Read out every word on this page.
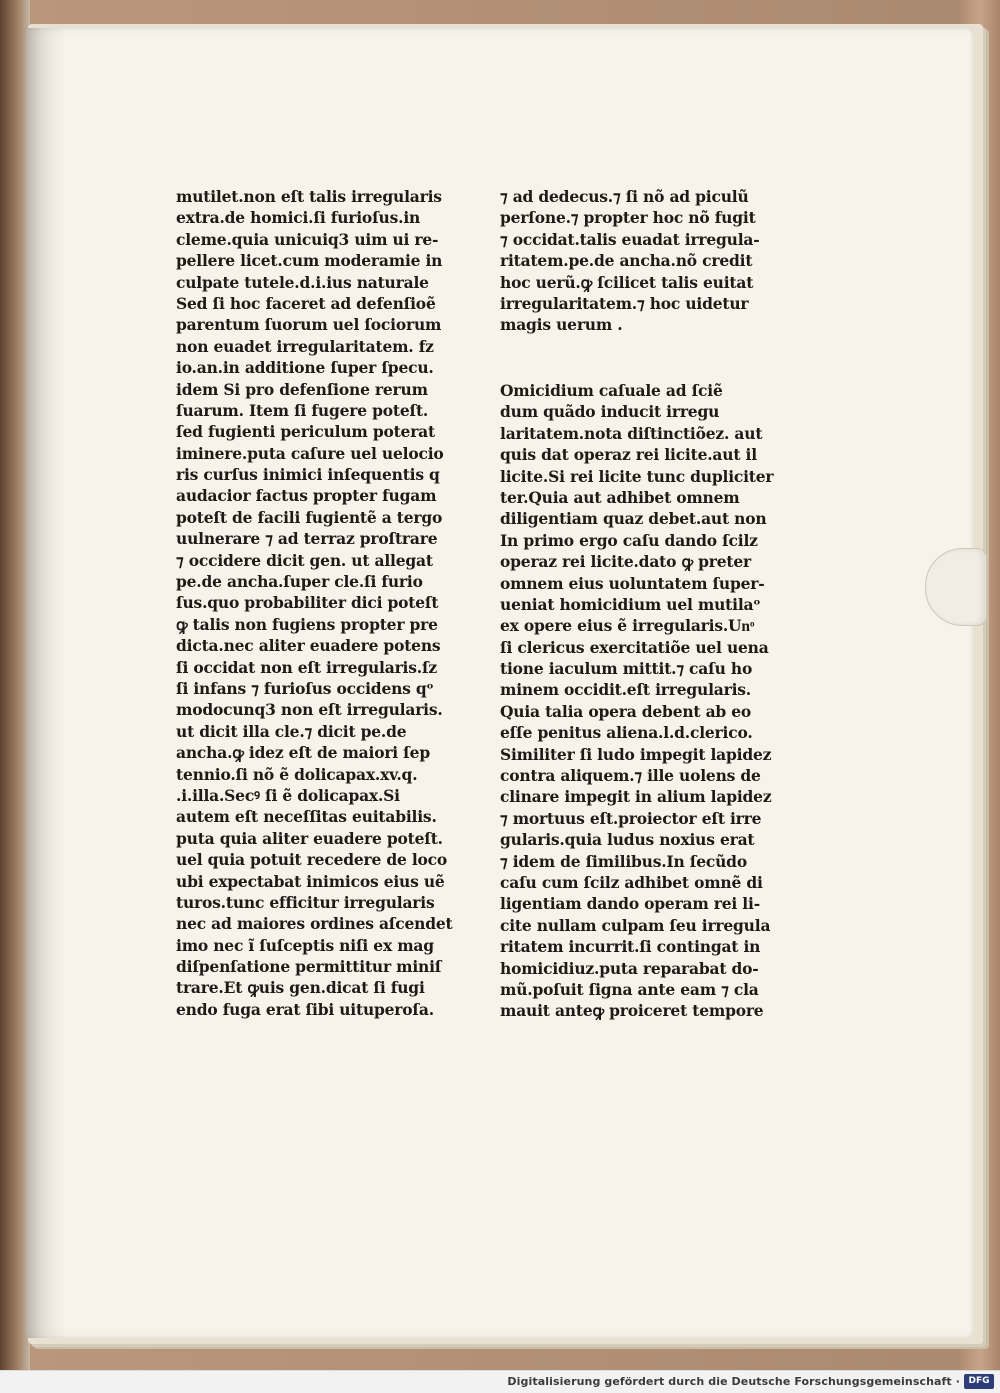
mutilet.non eſt talis irregularis
extra.de homici.ſi furioſus.in
cleme.quia unicuiq3 uim ui re-
pellere licet.cum moderamie in
culpate tutele.d.i.ius naturale
Sed ſi hoc faceret ad defenſioẽ
parentum ſuorum uel ſociorum
non euadet irregularitatem. fz
io.an.in additione ſuper ſpecu.
idem Si pro defenſione rerum
ſuarum. Item ſi fugere poteſt.
ſed fugienti periculum poterat
iminere.puta caſure uel uelocio
ris curſus inimici inſequentis q
audacior factus propter fugam
poteſt de facili fugientẽ a tergo
uulnerare ⁊ ad terraz proſtrare
⁊ occidere dicit gen. ut allegat
pe.de ancha.ſuper cle.ſi furio
ſus.quo probabiliter dici poteſt
ꝙ talis non fugiens propter pre
dicta.nec aliter euadere potens
ſi occidat non eſt irregularis.ſz
ſi infans ⁊ furioſus occidens qᵒ
modocunq3 non eſt irregularis.
ut dicit illa cle.⁊ dicit pe.de
ancha.ꝙ idez eſt de maiori ſep
tennio.ſi nõ ẽ dolicapax.xv.q.
.i.illa.Secꝰ ſi ẽ dolicapax.Si
autem eſt neceſſitas euitabilis.
puta quia aliter euadere poteſt.
uel quia potuit recedere de loco
ubi expectabat inimicos eius uẽ
turos.tunc efficitur irregularis
nec ad maiores ordines aſcendet
imo nec ĩ ſuſceptis niſi ex mag
diſpenſatione permittitur miniſ
trare.Et ꝙuis gen.dicat ſi fugi
endo fuga erat ſibi uituperoſa.
⁊ ad dedecus.⁊ ſi nõ ad piculũ
perſone.⁊ propter hoc nõ fugit
⁊ occidat.talis euadat irregula-
ritatem.pe.de ancha.nõ credit
hoc uerũ.ꝙ ſcilicet talis euitat
irregularitatem.⁊ hoc uidetur
magis uerum .
Omicidium caſuale ad ſciẽ
dum quãdo inducit irregu
laritatem.nota diſtinctiõez. aut
quis dat operaz rei licite.aut il
licite.Si rei licite tunc dupliciter
ter.Quia aut adhibet omnem
diligentiam quaz debet.aut non
In primo ergo caſu dando ſcilz
operaz rei licite.dato ꝙ preter
omnem eius uoluntatem ſuper-
ueniat homicidium uel mutilaᵒ
ex opere eius ẽ irregularis.Unͦ
ſi clericus exercitatiõe uel uena
tione iaculum mittit.⁊ caſu ho
minem occidit.eſt irregularis.
Quia talia opera debent ab eo
eſſe penitus aliena.l.d.clerico.
Similiter ſi ludo impegit lapidez
contra aliquem.⁊ ille uolens de
clinare impegit in alium lapidez
⁊ mortuus eſt.proiector eſt irre
gularis.quia ludus noxius erat
⁊ idem de ſimilibus.In ſecũdo
caſu cum ſcilz adhibet omnẽ di
ligentiam dando operam rei li-
cite nullam culpam ſeu irregula
ritatem incurrit.ſi contingat in
homicidiuz.puta reparabat do-
mũ.poſuit ſigna ante eam ⁊ cla
mauit anteꝙ proiceret tempore
Digitalisierung gefördert durch die Deutsche Forschungsgemeinschaft · DFG
